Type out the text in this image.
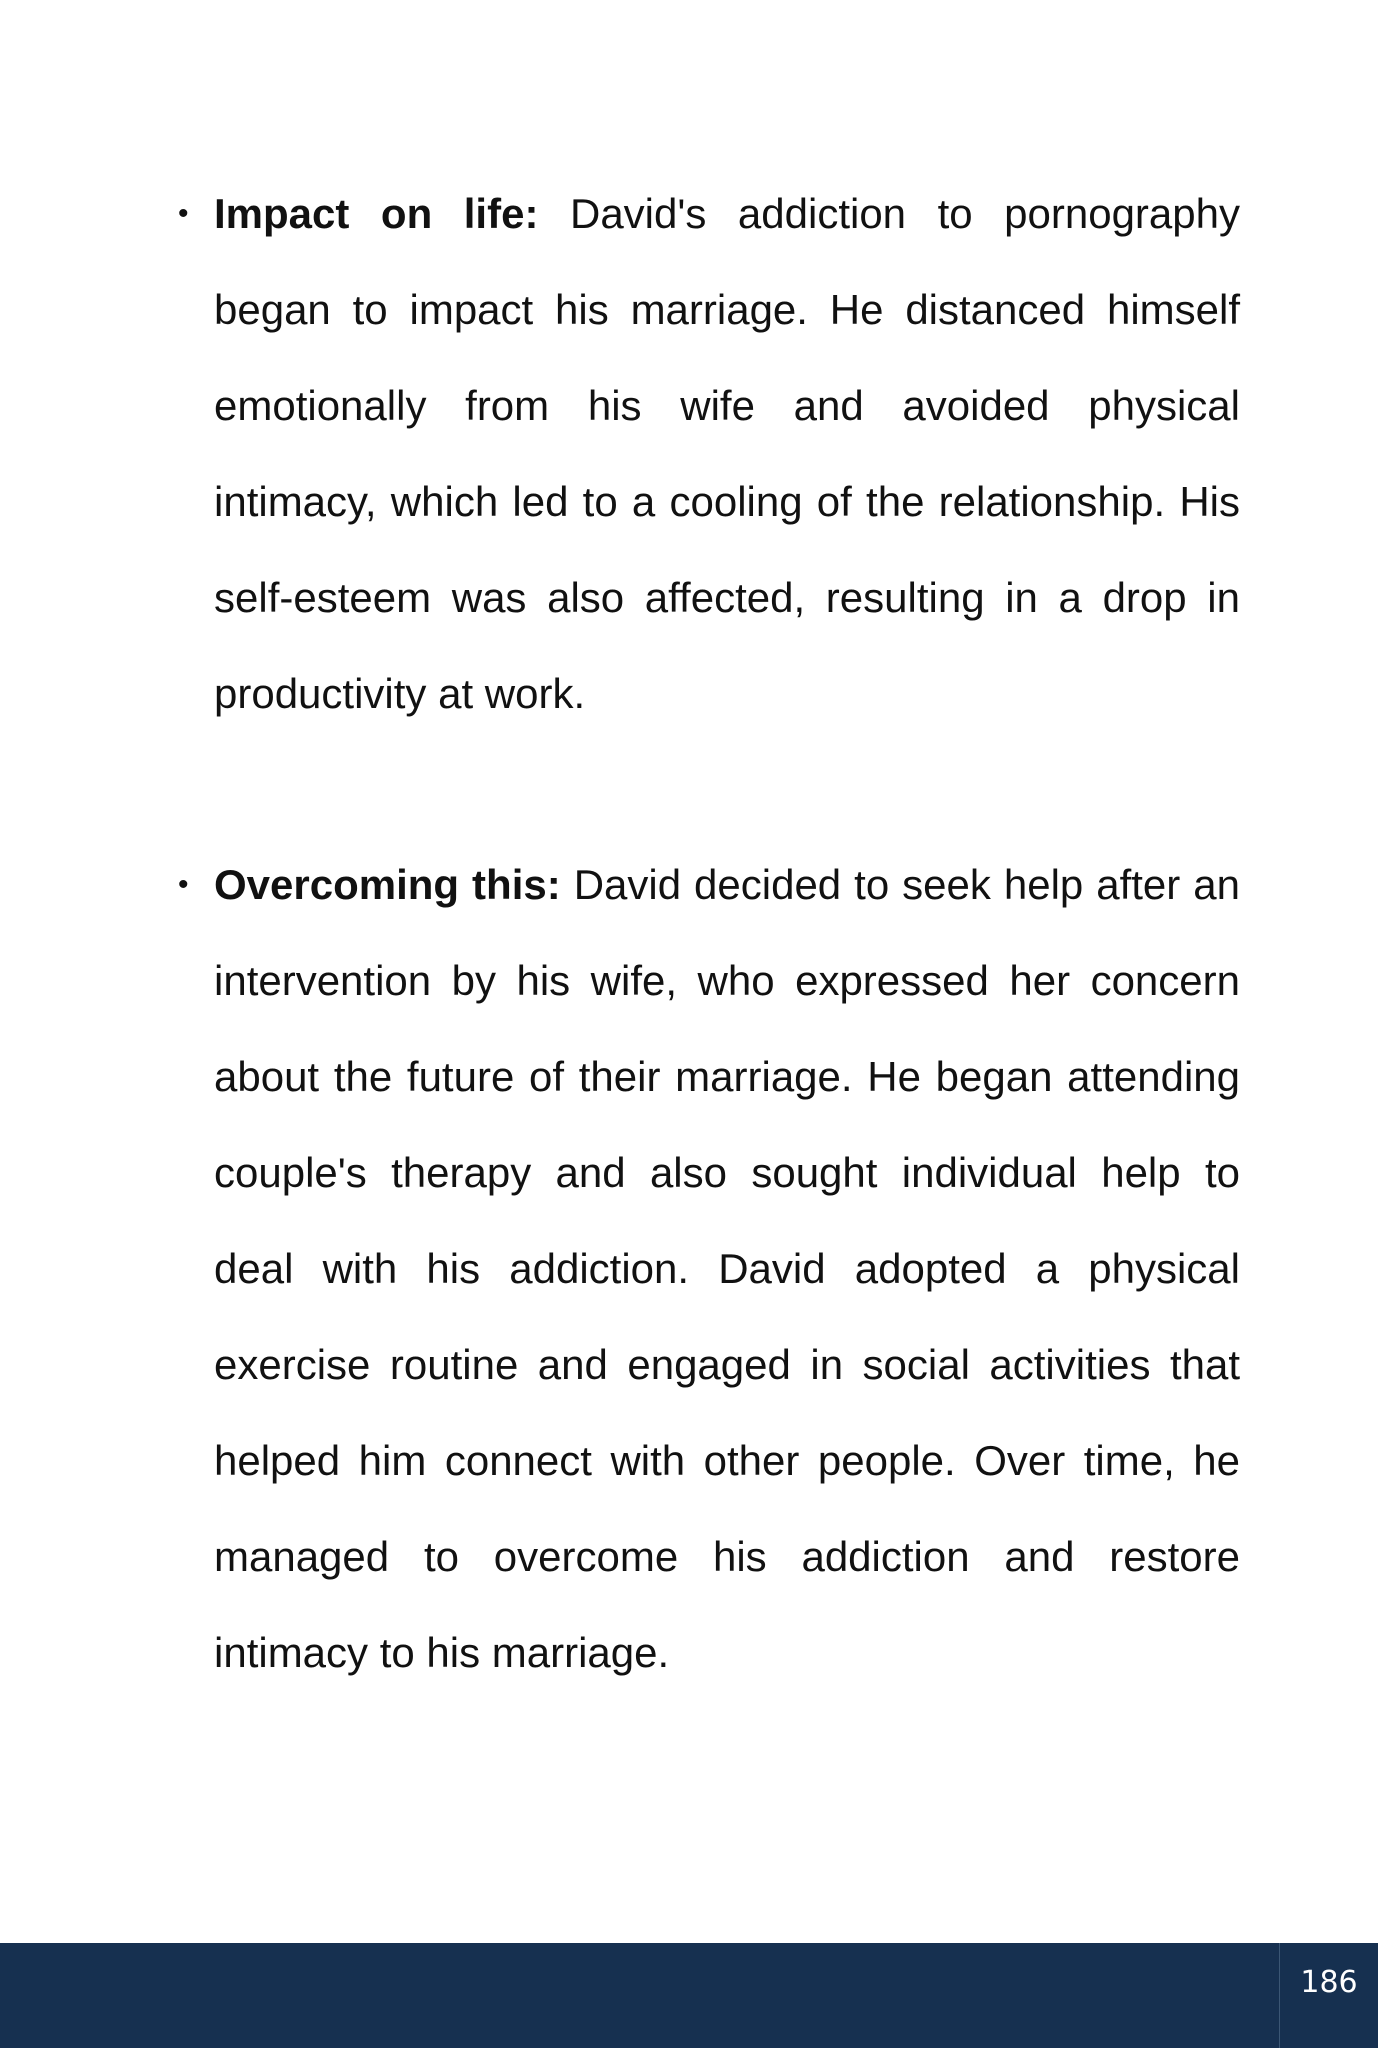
• Impact on life: David's addiction to pornography began to impact his marriage. He distanced himself emotionally from his wife and avoided physical intimacy, which led to a cooling of the relationship. His self-esteem was also affected, resulting in a drop in productivity at work.
• Overcoming this: David decided to seek help after an intervention by his wife, who expressed her concern about the future of their marriage. He began attending couple's therapy and also sought individual help to deal with his addiction. David adopted a physical exercise routine and engaged in social activities that helped him connect with other people. Over time, he managed to overcome his addiction and restore intimacy to his marriage.
186
